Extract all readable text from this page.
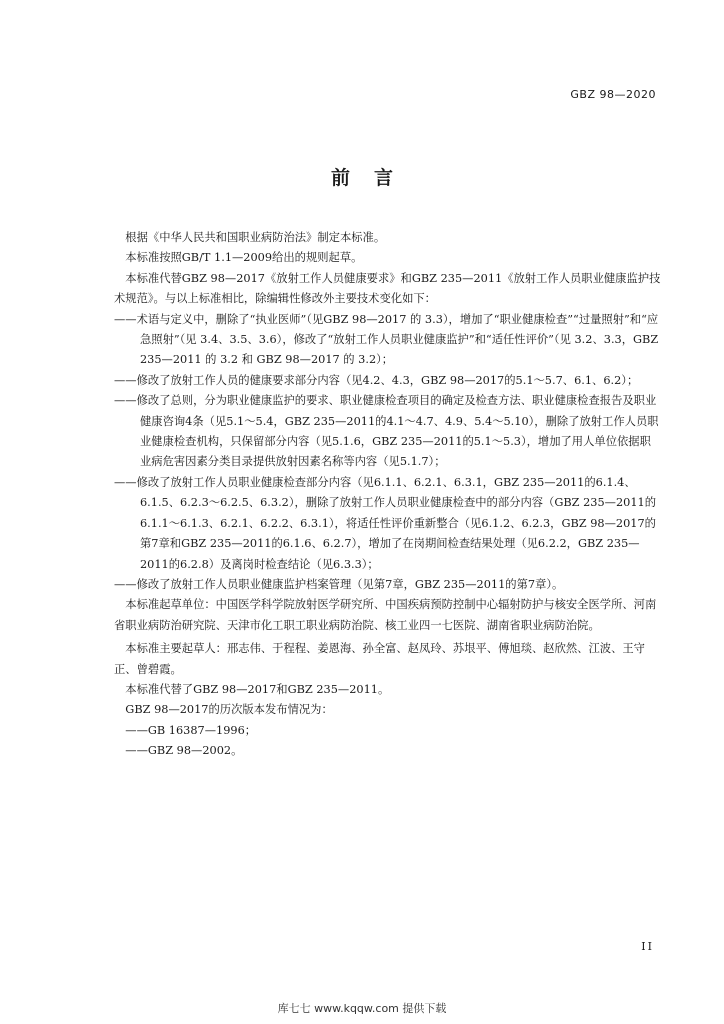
GBZ 98—2020
前言

根据《中华人民共和国职业病防治法》制定本标准。

本标准按照GB/T 1.1—2009给出的规则起草。

本标准代替GBZ 98—2017《放射工作人员健康要求》和GBZ 235—2011《放射工作人员职业健康监护技术规范》。与以上标准相比，除编辑性修改外主要技术变化如下：

——术语与定义中，删除了“执业医师”（见GBZ 98—2017 的 3.3），增加了“职业健康检查”“过量照射”和“应急照射”（见 3.4、3.5、3.6），修改了“放射工作人员职业健康监护”和“适任性评价”（见 3.2、3.3，GBZ 235—2011 的 3.2 和 GBZ 98—2017 的 3.2）；

——修改了放射工作人员的健康要求部分内容（见4.2、4.3，GBZ 98—2017的5.1～5.7、6.1、6.2）；

——修改了总则，分为职业健康监护的要求、职业健康检查项目的确定及检查方法、职业健康检查报告及职业健康咨询4条（见5.1～5.4，GBZ 235—2011的4.1～4.7、4.9、5.4～5.10），删除了放射工作人员职业健康检查机构，只保留部分内容（见5.1.6，GBZ 235—2011的5.1～5.3），增加了用人单位依据职业病危害因素分类目录提供放射因素名称等内容（见5.1.7）；

——修改了放射工作人员职业健康检查部分内容（见6.1.1、6.2.1、6.3.1，GBZ 235—2011的6.1.4、6.1.5、6.2.3～6.2.5、6.3.2），删除了放射工作人员职业健康检查中的部分内容（GBZ 235—2011的6.1.1～6.1.3、6.2.1、6.2.2、6.3.1），将适任性评价重新整合（见6.1.2、6.2.3，GBZ 98—2017的第7章和GBZ 235—2011的6.1.6、6.2.7），增加了在岗期间检查结果处理（见6.2.2，GBZ 235—2011的6.2.8）及离岗时检查结论（见6.3.3）；

——修改了放射工作人员职业健康监护档案管理（见第7章，GBZ 235—2011的第7章）。

本标准起草单位：中国医学科学院放射医学研究所、中国疾病预防控制中心辐射防护与核安全医学所、河南省职业病防治研究院、天津市化工职工职业病防治院、核工业四一七医院、湖南省职业病防治院。

本标准主要起草人：邢志伟、于程程、姜恩海、孙全富、赵凤玲、苏垠平、傅旭琰、赵欣然、江波、王守正、曾碧霞。

本标准代替了GBZ 98—2017和GBZ 235—2011。

GBZ 98—2017的历次版本发布情况为：

——GB 16387—1996；

——GBZ 98—2002。

II
库七七 www.kqqw.com 提供下载
